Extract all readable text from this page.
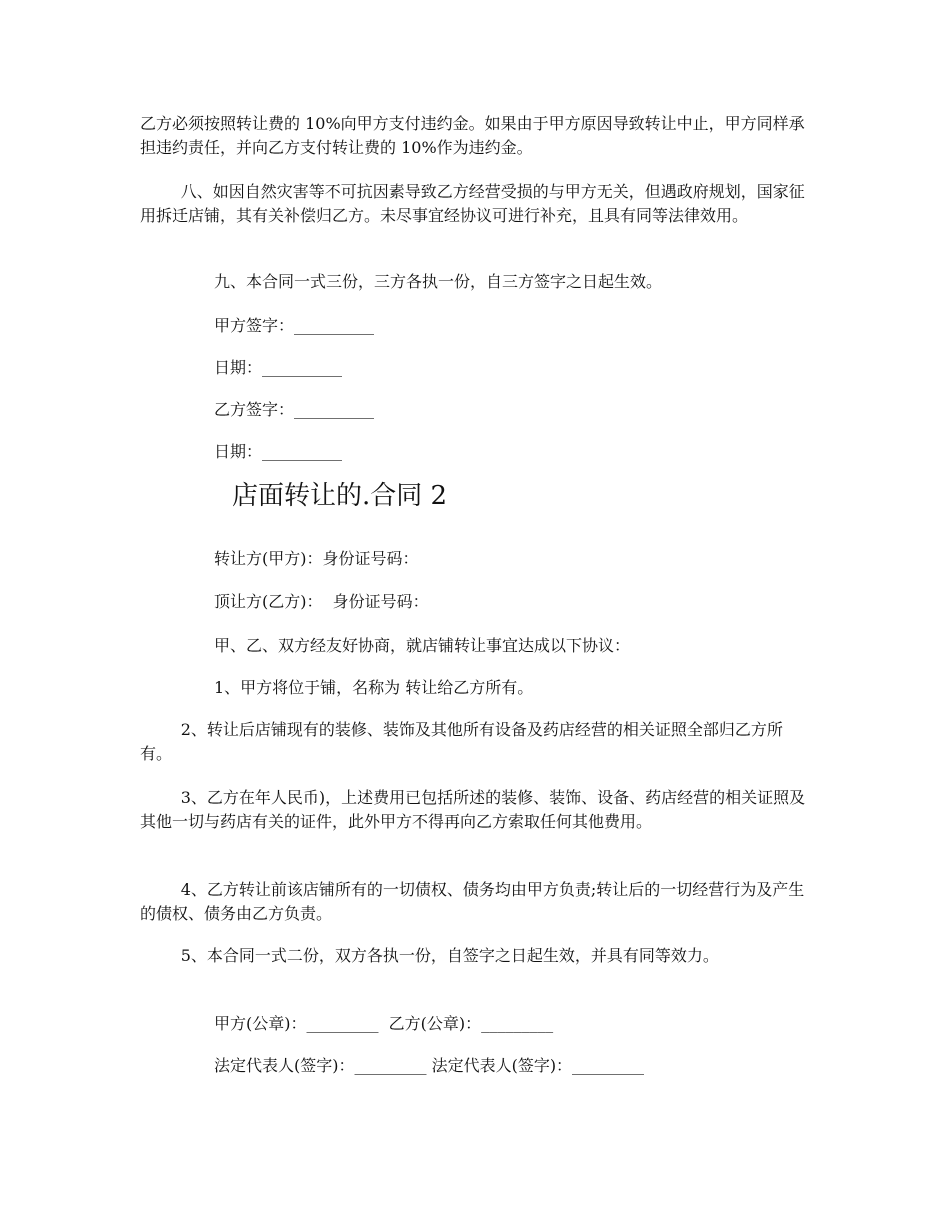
乙方必须按照转让费的 10%向甲方支付违约金。如果由于甲方原因导致转让中止，甲方同样承担违约责任，并向乙方支付转让费的 10%作为违约金。

八、如因自然灾害等不可抗因素导致乙方经营受损的与甲方无关，但遇政府规划，国家征用拆迁店铺，其有关补偿归乙方。未尽事宜经协议可进行补充，且具有同等法律效用。

九、本合同一式三份，三方各执一份，自三方签字之日起生效。

甲方签字：__________

日期：__________

乙方签字：__________

日期：__________

店面转让的.合同 2

转让方(甲方)：身份证号码：

顶让方(乙方)：  身份证号码：

甲、乙、双方经友好协商，就店铺转让事宜达成以下协议：

1、甲方将位于铺，名称为 转让给乙方所有。

2、转让后店铺现有的装修、装饰及其他所有设备及药店经营的相关证照全部归乙方所有。

3、乙方在年人民币)，上述费用已包括所述的装修、装饰、设备、药店经营的相关证照及其他一切与药店有关的证件，此外甲方不得再向乙方索取任何其他费用。

4、乙方转让前该店铺所有的一切债权、债务均由甲方负责;转让后的一切经营行为及产生的债权、债务由乙方负责。

5、本合同一式二份，双方各执一份，自签字之日起生效，并具有同等效力。

甲方(公章)：_________  乙方(公章)：_________

法定代表人(签字)：_________ 法定代表人(签字)：_________
